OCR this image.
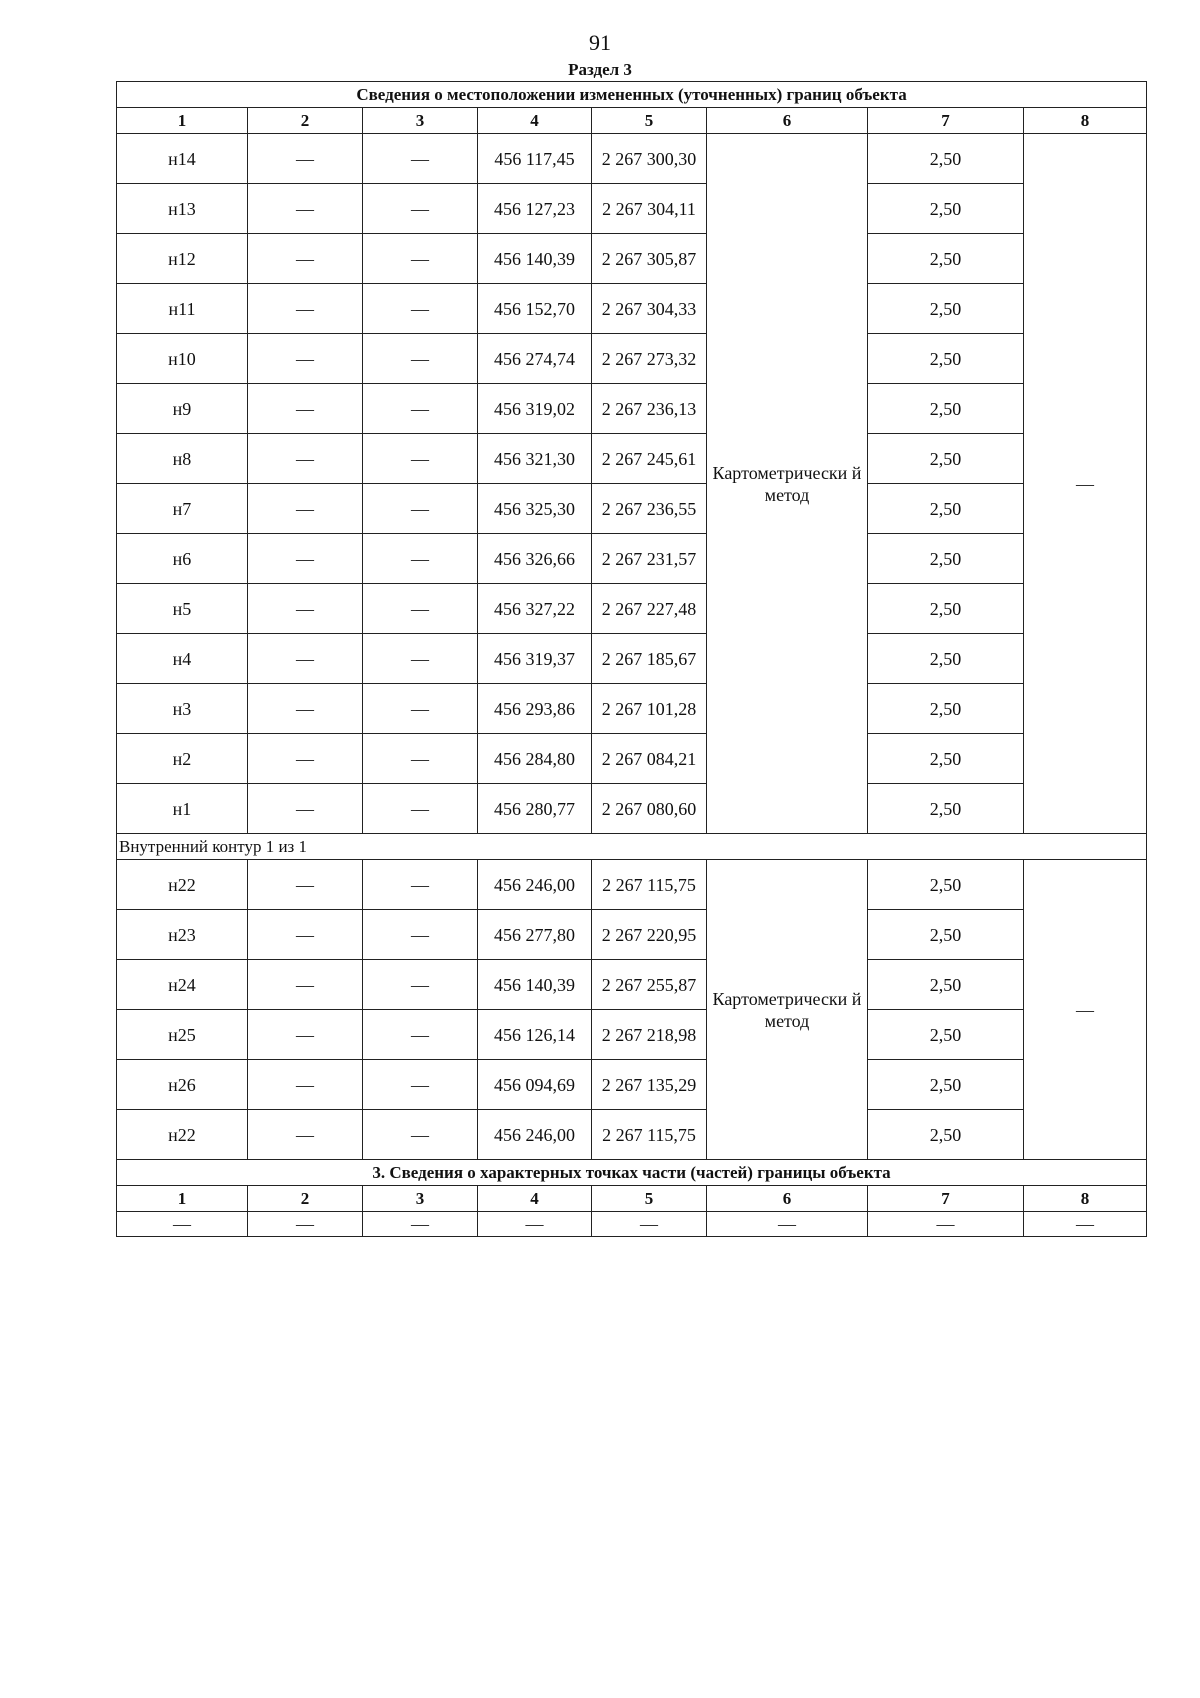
91
Раздел 3
Сведения о местоположении измененных (уточненных) границ объекта							
1	2	3	4	5	6	7	8
н14	—	—	456 117,45	2 267 300,30	Картометрически й метод	2,50	—
н13	—	—	456 127,23	2 267 304,11		2,50	
н12	—	—	456 140,39	2 267 305,87		2,50	
н11	—	—	456 152,70	2 267 304,33		2,50	
н10	—	—	456 274,74	2 267 273,32		2,50	
н9	—	—	456 319,02	2 267 236,13		2,50	
н8	—	—	456 321,30	2 267 245,61		2,50	
н7	—	—	456 325,30	2 267 236,55		2,50	
н6	—	—	456 326,66	2 267 231,57		2,50	
н5	—	—	456 327,22	2 267 227,48		2,50	
н4	—	—	456 319,37	2 267 185,67		2,50	
н3	—	—	456 293,86	2 267 101,28		2,50	
н2	—	—	456 284,80	2 267 084,21		2,50	
н1	—	—	456 280,77	2 267 080,60		2,50	
Внутренний контур 1 из 1							
н22	—	—	456 246,00	2 267 115,75	Картометрически й метод	2,50	—
н23	—	—	456 277,80	2 267 220,95		2,50	
н24	—	—	456 140,39	2 267 255,87		2,50	
н25	—	—	456 126,14	2 267 218,98		2,50	
н26	—	—	456 094,69	2 267 135,29		2,50	
н22	—	—	456 246,00	2 267 115,75		2,50	
3. Сведения о характерных точках части (частей) границы объекта							
1	2	3	4	5	6	7	8
—	—	—	—	—	—	—	—
